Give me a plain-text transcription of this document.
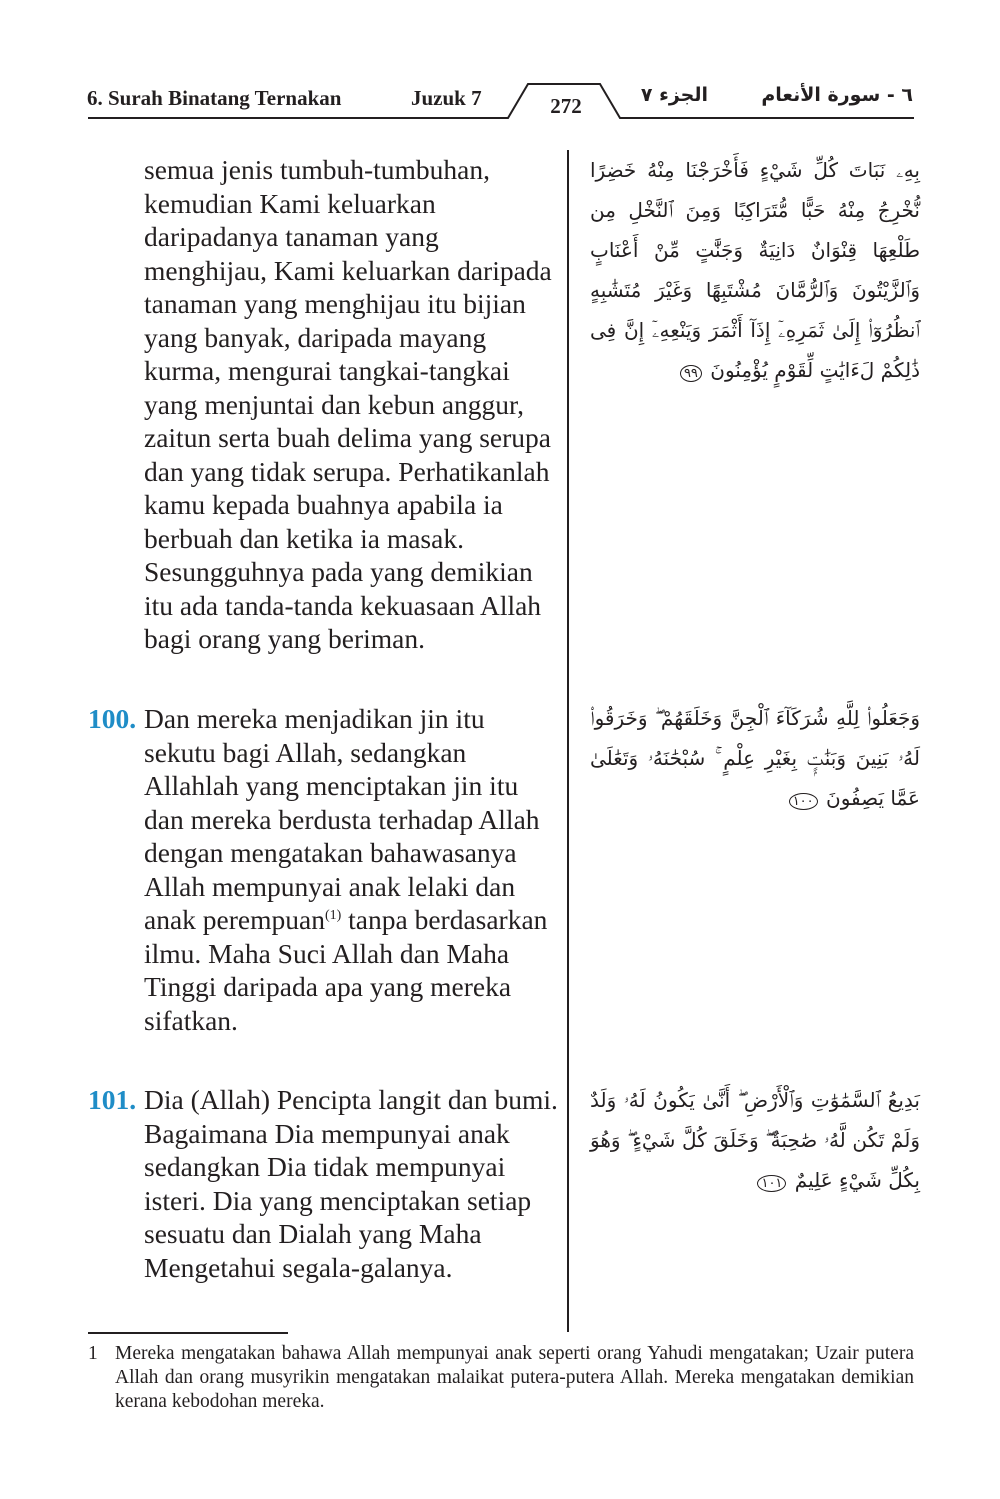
6. Surah Binatang Ternakan	Juzuk 7	272	الجزء ٧	٦ - سورة الأنعام
semua jenis tumbuh-tumbuhan, kemudian Kami keluarkan daripadanya tanaman yang menghijau, Kami keluarkan daripada tanaman yang menghijau itu bijian yang banyak, daripada mayang kurma, mengurai tangkai-tangkai yang menjuntai dan kebun anggur, zaitun serta buah delima yang serupa dan yang tidak serupa. Perhatikanlah kamu kepada buahnya apabila ia berbuah dan ketika ia masak. Sesungguhnya pada yang demikian itu ada tanda-tanda kekuasaan Allah bagi orang yang beriman.
بِهِۦ نَبَاتَ كُلِّ شَيْءٍ فَأَخْرَجْنَا مِنْهُ خَضِرًا نُّخْرِجُ مِنْهُ حَبًّا مُّتَرَاكِبًا وَمِنَ ٱلنَّخْلِ مِن طَلْعِهَا قِنْوَانٌ دَانِيَةٌ وَجَنَّٰتٍ مِّنْ أَعْنَابٍ وَٱلزَّيْتُونَ وَٱلرُّمَّانَ مُشْتَبِهًا وَغَيْرَ مُتَشَٰبِهٍ ٱنظُرُوٓا۟ إِلَىٰ ثَمَرِهِۦٓ إِذَآ أَثْمَرَ وَيَنْعِهِۦٓ إِنَّ فِى ذَٰلِكُمْ لَءَايَٰتٍ لِّقَوْمٍ يُؤْمِنُونَ ٩٩
100. Dan mereka menjadikan jin itu sekutu bagi Allah, sedangkan Allahlah yang menciptakan jin itu dan mereka berdusta terhadap Allah dengan mengatakan bahawasanya Allah mempunyai anak lelaki dan anak perempuan$^{(1)}$ tanpa berdasarkan ilmu. Maha Suci Allah dan Maha Tinggi daripada apa yang mereka sifatkan.
وَجَعَلُوا۟ لِلَّهِ شُرَكَآءَ ٱلْجِنَّ وَخَلَقَهُمْ ۖ وَخَرَقُوا۟ لَهُۥ بَنِينَ وَبَنَٰتٍۭ بِغَيْرِ عِلْمٍ ۚ سُبْحَٰنَهُۥ وَتَعَٰلَىٰ عَمَّا يَصِفُونَ ١٠٠
101. Dia (Allah) Pencipta langit dan bumi. Bagaimana Dia mempunyai anak sedangkan Dia tidak mempunyai isteri. Dia yang menciptakan setiap sesuatu dan Dialah yang Maha Mengetahui segala-galanya.
بَدِيعُ ٱلسَّمَٰوَٰتِ وَٱلْأَرْضِ ۖ أَنَّىٰ يَكُونُ لَهُۥ وَلَدٌ وَلَمْ تَكُن لَّهُۥ صَٰحِبَةٌ ۖ وَخَلَقَ كُلَّ شَيْءٍ ۖ وَهُوَ بِكُلِّ شَيْءٍ عَلِيمٌ ١٠١
1 Mereka mengatakan bahawa Allah mempunyai anak seperti orang Yahudi mengatakan; Uzair putera Allah dan orang musyrikin mengatakan malaikat putera-putera Allah. Mereka mengatakan demikian kerana kebodohan mereka.
